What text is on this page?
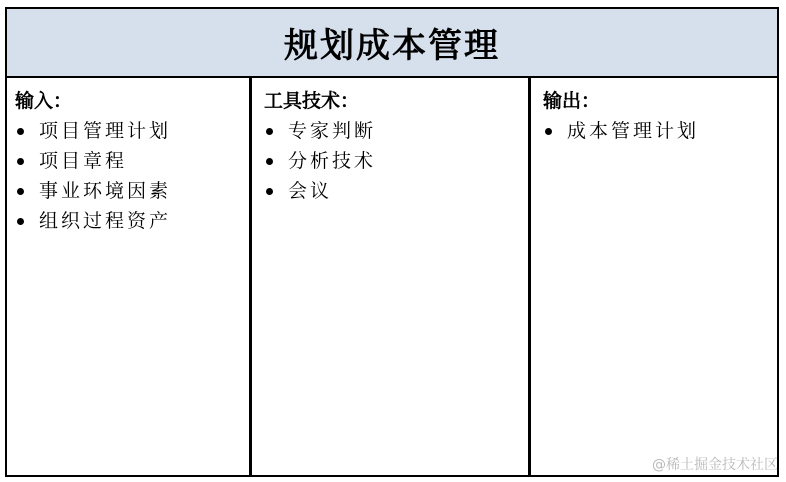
规划成本管理
输入：
项目管理计划
项目章程
事业环境因素
组织过程资产
工具技术：
专家判断
分析技术
会议
输出：
成本管理计划
@稀土掘金技术社区
